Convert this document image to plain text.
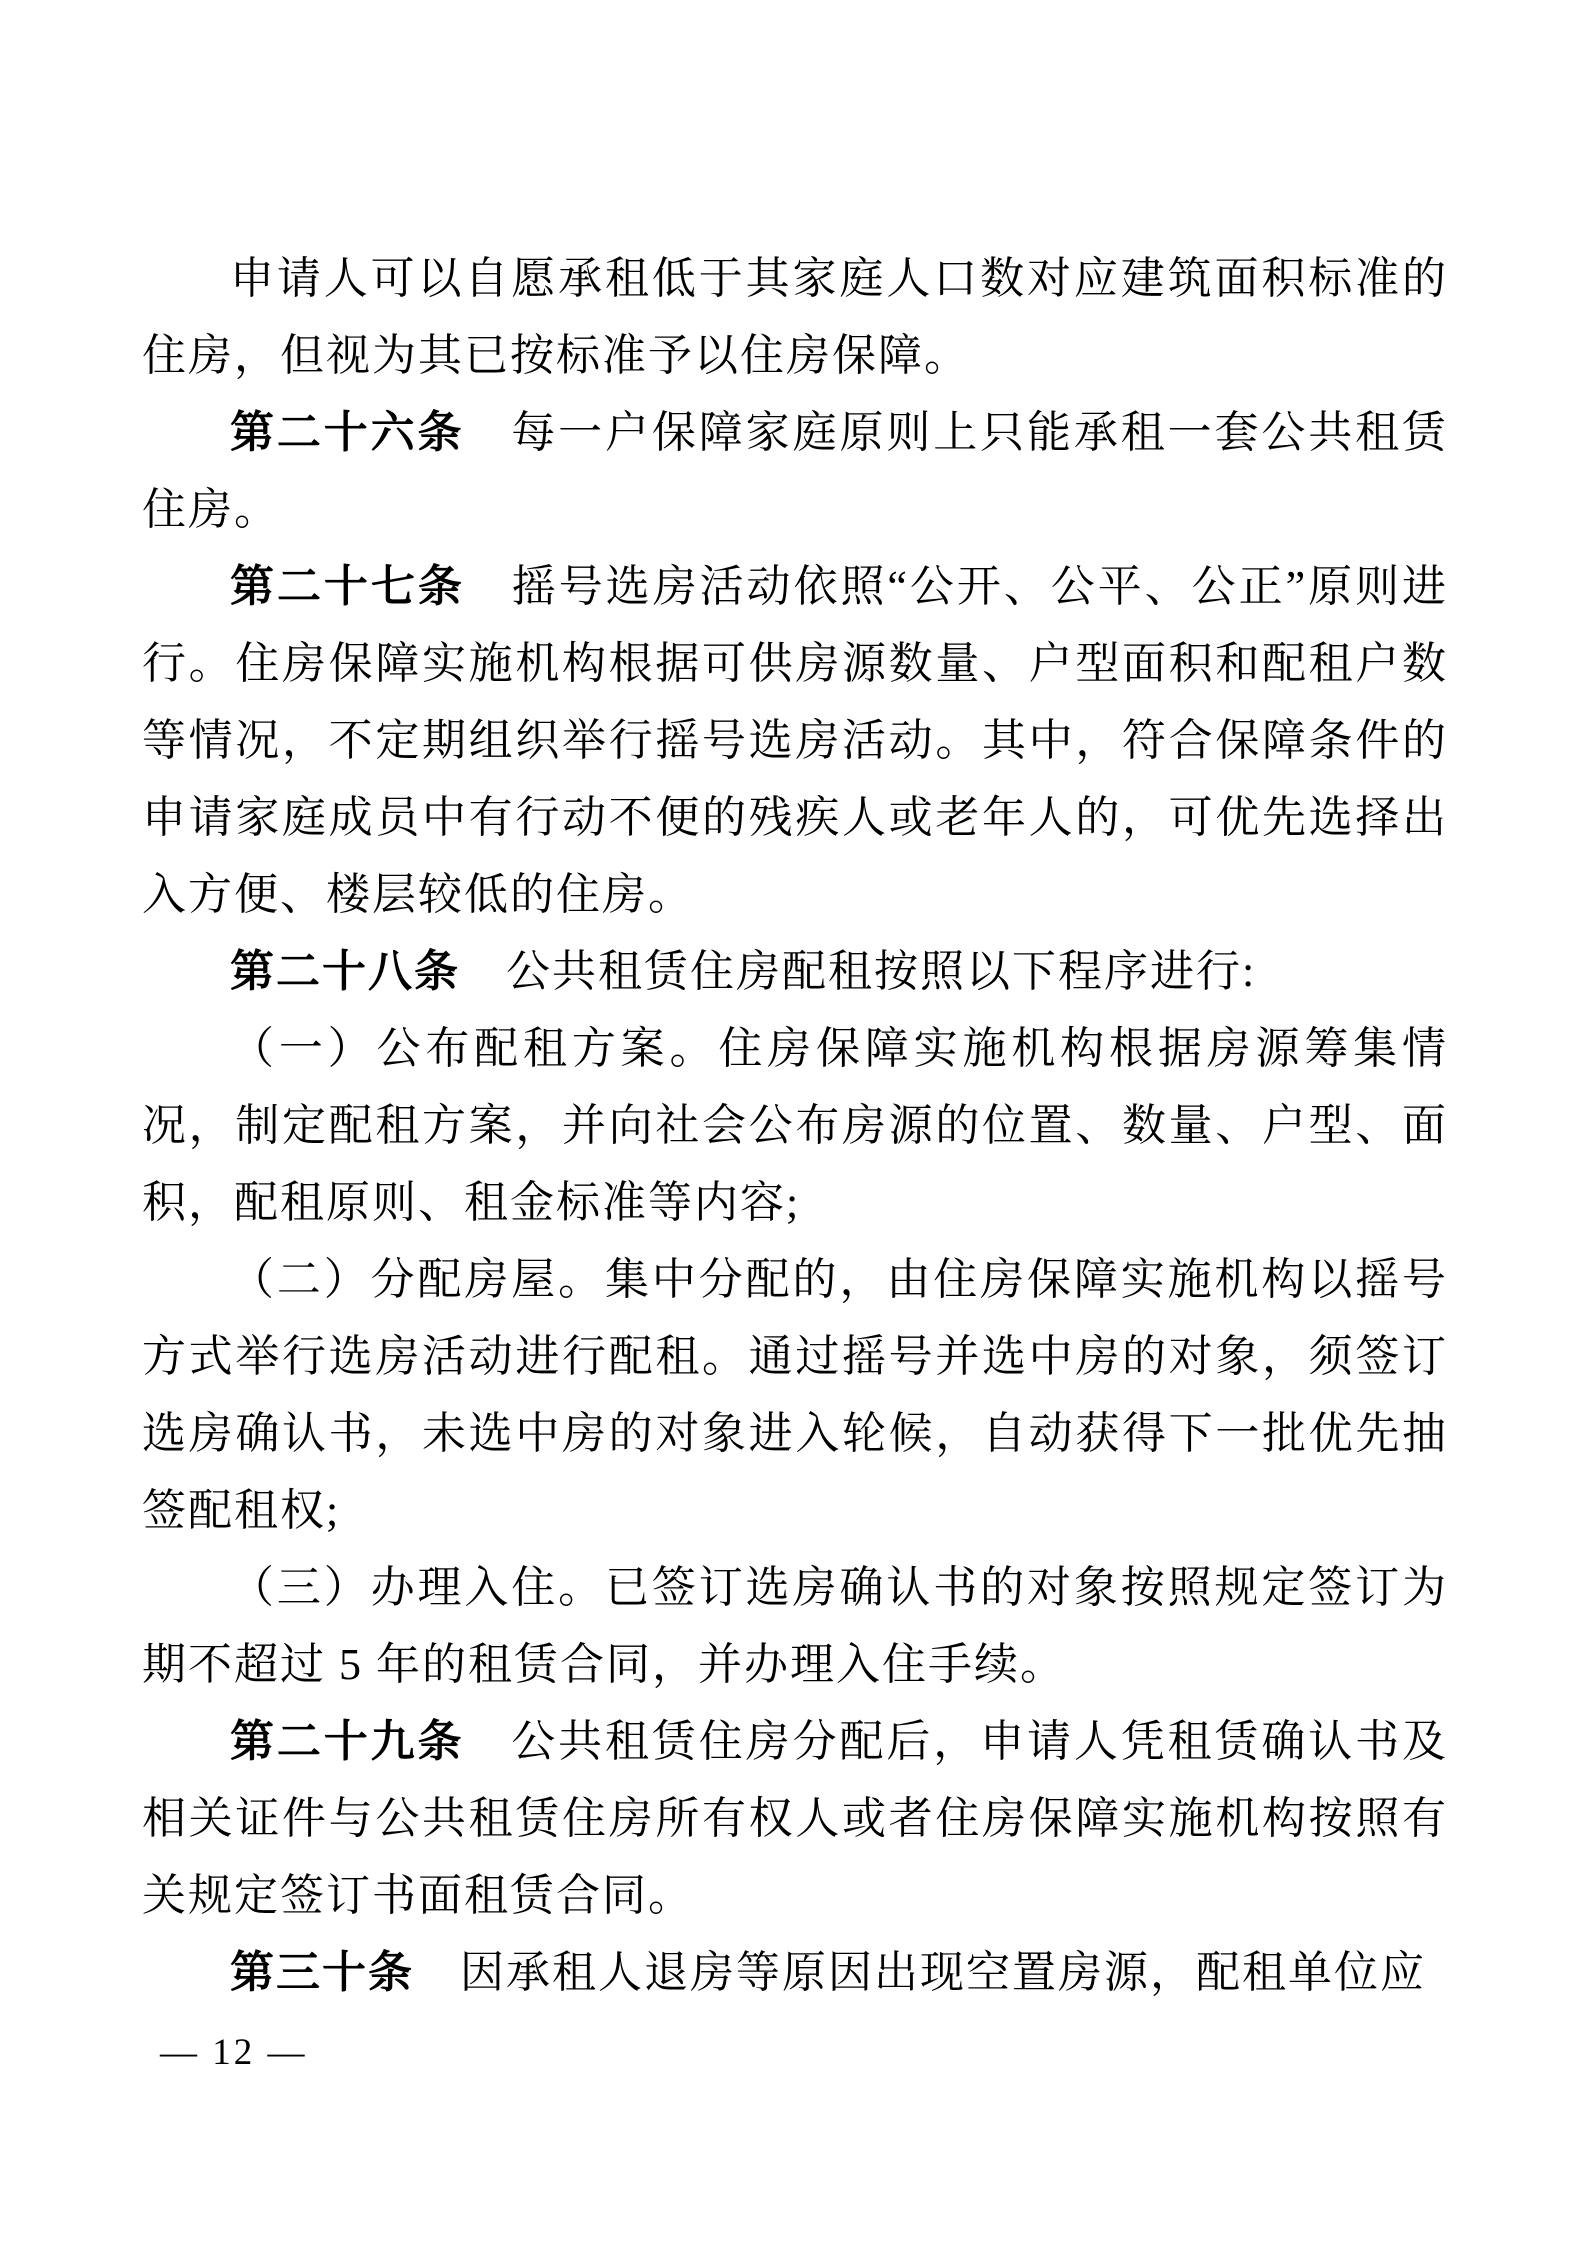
申请人可以自愿承租低于其家庭人口数对应建筑面积标准的住房，但视为其已按标准予以住房保障。

第二十六条　每一户保障家庭原则上只能承租一套公共租赁住房。

第二十七条　摇号选房活动依照“公开、公平、公正”原则进行。住房保障实施机构根据可供房源数量、户型面积和配租户数等情况，不定期组织举行摇号选房活动。其中，符合保障条件的申请家庭成员中有行动不便的残疾人或老年人的，可优先选择出入方便、楼层较低的住房。

第二十八条　公共租赁住房配租按照以下程序进行:

（一）公布配租方案。住房保障实施机构根据房源筹集情况，制定配租方案，并向社会公布房源的位置、数量、户型、面积，配租原则、租金标准等内容;

（二）分配房屋。集中分配的，由住房保障实施机构以摇号方式举行选房活动进行配租。通过摇号并选中房的对象，须签订选房确认书，未选中房的对象进入轮候，自动获得下一批优先抽签配租权;

（三）办理入住。已签订选房确认书的对象按照规定签订为期不超过 5 年的租赁合同，并办理入住手续。

第二十九条　公共租赁住房分配后，申请人凭租赁确认书及相关证件与公共租赁住房所有权人或者住房保障实施机构按照有关规定签订书面租赁合同。

第三十条　因承租人退房等原因出现空置房源，配租单位应

— 12 —
